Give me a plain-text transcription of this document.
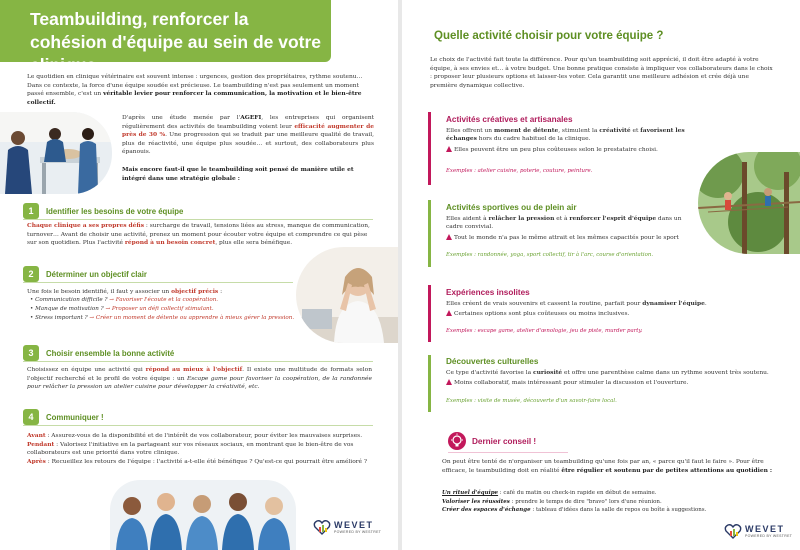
Teambuilding, renforcer la cohésion d'équipe au sein de votre clinique
Le quotidien en clinique vétérinaire est souvent intense : urgences, gestion des propriétaires, rythme soutenu… Dans ce contexte, la force d'une équipe soudée est précieuse. Le teambuilding n'est pas seulement un moment passé ensemble, c'est un véritable levier pour renforcer la communication, la motivation et le bien-être collectif.
D'après une étude menée par l'AGEFI, les entreprises qui organisent régulièrement des activités de teambuilding voient leur efficacité augmenter de près de 30 %. Une progression qui se traduit par une meilleure qualité de travail, plus de réactivité, une équipe plus soudée… et surtout, des collaborateurs plus épanouis.
Mais encore faut-il que le teambuilding soit pensé de manière utile et intégré dans une stratégie globale :
1	Identifier les besoins de votre équipe
Chaque clinique a ses propres défis : surcharge de travail, tensions liées au stress, manque de communication, turnover… Avant de choisir une activité, prenez un moment pour écouter votre équipe et comprendre ce qui pèse sur son quotidien. Plus l'activité répond à un besoin concret, plus elle sera bénéfique.
2	Déterminer un objectif clair
Une fois le besoin identifié, il faut y associer un objectif précis :
• Communication difficile ? → Favoriser l'écoute et la coopération.
• Manque de motivation ? → Proposer un défi collectif stimulant.
• Stress important ? → Créer un moment de détente ou apprendre à mieux gérer la pression.
3	Choisir ensemble la bonne activité
Choisissez en équipe une activité qui répond au mieux à l'objectif. Il existe une multitude de formats selon l'objectif recherché et le profil de votre équipe : un Escape game pour favoriser la coopération, de la randonnée pour relâcher la pression un atelier cuisine pour développer la créativité, etc.
4	Communiquer !
Avant : Assurez-vous de la disponibilité et de l'intérêt de vos collaborateur, pour éviter les mauvaises surprises.
Pendant : Valorisez l'initiative en la partageant sur vos réseaux sociaux, en montrant que le bien-être de vos collaborateurs est une priorité dans votre clinique.
Après : Recueillez les retours de l'équipe : l'activité a-t-elle été bénéfique ? Qu'est-ce qui pourrait être amélioré ?
WEVET
POWERED BY WESTRET
Quelle activité choisir pour votre équipe ?
Le choix de l'activité fait toute la différence. Pour qu'un teambuilding soit apprécié, il doit être adapté à votre équipe, à ses envies et… à votre budget. Une bonne pratique consiste à impliquer vos collaborateurs dans le choix : proposer leur plusieurs options et laisser-les voter. Cela garantit une meilleure adhésion et crée déjà une première dynamique collective.
Activités créatives et artisanales
Elles offrent un moment de détente, stimulent la créativité et favorisent les échanges hors du cadre habituel de la clinique.
Elles peuvent être un peu plus coûteuses selon le prestataire choisi.
Exemples : atelier cuisine, poterie, couture, peinture.
Activités sportives ou de plein air
Elles aident à relâcher la pression et à renforcer l'esprit d'équipe dans un cadre convivial.
Tout le monde n'a pas le même attrait et les mêmes capacités pour le sport
Exemples : randonnée, yoga, sport collectif, tir à l'arc, course d'orientation.
Expériences insolites
Elles créent de vrais souvenirs et cassent la routine, parfait pour dynamiser l'équipe.
Certaines options sont plus coûteuses ou moins inclusives.
Exemples : escape game, atelier d'œnologie, jeu de piste, murder party.
Découvertes culturelles
Ce type d'activité favorise la curiosité et offre une parenthèse calme dans un rythme souvent très soutenu.
Moins collaboratif, mais intéressant pour stimuler la discussion et l'ouverture.
Exemples : visite de musée, découverte d'un savoir-faire local.
Dernier conseil !
On peut être tenté de n'organiser un teambuilding qu'une fois par an, « parce qu'il faut le faire ». Pour être efficace, le teambuilding doit en réalité être régulier et soutenu par de petites attentions au quotidien :
Un rituel d'équipe : café du matin ou check-in rapide en début de semaine.
Valoriser les réussites : prendre le temps de dire "bravo" lors d'une réunion.
Créer des espaces d'échange : tableau d'idées dans la salle de repos ou boîte à suggestions.
WEVET
POWERED BY WESTRET
